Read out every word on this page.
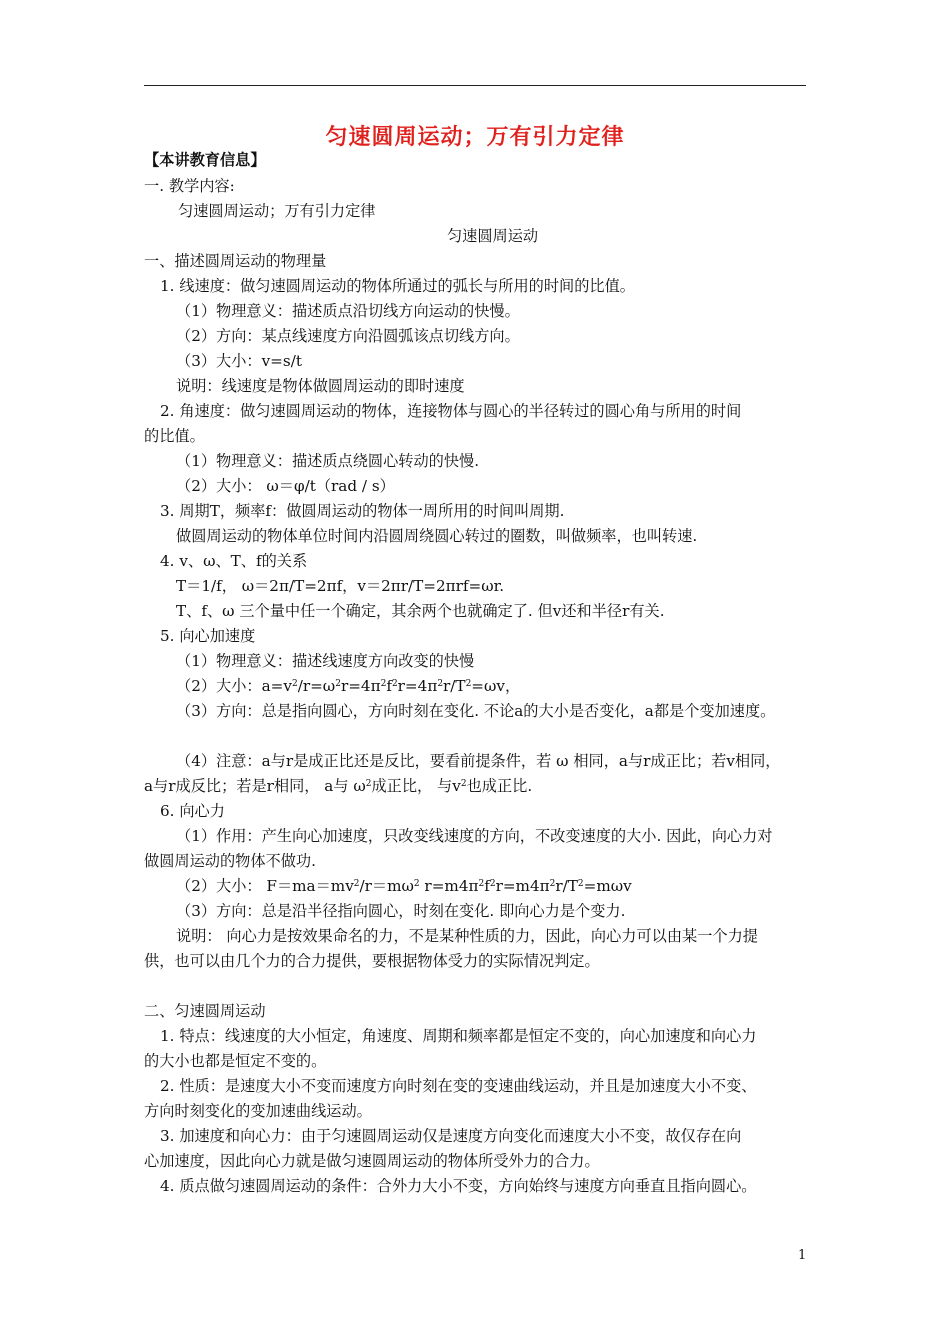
匀速圆周运动；万有引力定律
【本讲教育信息】
一. 教学内容:
匀速圆周运动；万有引力定律
匀速圆周运动
一、描述圆周运动的物理量
1. 线速度：做匀速圆周运动的物体所通过的弧长与所用的时间的比值。
（1）物理意义：描述质点沿切线方向运动的快慢。
（2）方向：某点线速度方向沿圆弧该点切线方向。
（3）大小：v=s/t
说明：线速度是物体做圆周运动的即时速度
2. 角速度：做匀速圆周运动的物体，连接物体与圆心的半径转过的圆心角与所用的时间
的比值。
（1）物理意义：描述质点绕圆心转动的快慢.
（2）大小： ω＝φ/t（rad / s）
3. 周期T，频率f：做圆周运动的物体一周所用的时间叫周期.
做圆周运动的物体单位时间内沿圆周绕圆心转过的圈数，叫做频率，也叫转速.
4. v、ω、T、f的关系
T＝1/f， ω＝2π/T=2πf，v＝2πr/T=2πrf=ωr.
T、f、ω 三个量中任一个确定，其余两个也就确定了. 但v还和半径r有关.
5. 向心加速度
（1）物理意义：描述线速度方向改变的快慢
（2）大小：$a=v^2/r=\omega^2r=4\pi^2f^2r=4\pi^2r/T^2=\omega v$，
（3）方向：总是指向圆心，方向时刻在变化. 不论a的大小是否变化，a都是个变加速度。
（4）注意：a与r是成正比还是反比，要看前提条件，若 ω 相同，a与r成正比；若v相同，
a与r成反比；若是r相同， a与 $\omega^2$成正比， 与$v^2$也成正比.
6. 向心力
（1）作用：产生向心加速度，只改变线速度的方向，不改变速度的大小. 因此，向心力对
做圆周运动的物体不做功.
（2）大小： $F=ma=mv^2/r=m\omega^2$ $r=m4\pi^2f^2r=m4\pi^2r/T^2=m\omega v$
（3）方向：总是沿半径指向圆心，时刻在变化. 即向心力是个变力.
说明： 向心力是按效果命名的力，不是某种性质的力，因此，向心力可以由某一个力提
供，也可以由几个力的合力提供，要根据物体受力的实际情况判定。
二、匀速圆周运动
1. 特点：线速度的大小恒定，角速度、周期和频率都是恒定不变的，向心加速度和向心力
的大小也都是恒定不变的。
2. 性质：是速度大小不变而速度方向时刻在变的变速曲线运动，并且是加速度大小不变、
方向时刻变化的变加速曲线运动。
3. 加速度和向心力：由于匀速圆周运动仅是速度方向变化而速度大小不变，故仅存在向
心加速度，因此向心力就是做匀速圆周运动的物体所受外力的合力。
4. 质点做匀速圆周运动的条件：合外力大小不变，方向始终与速度方向垂直且指向圆心。
1
